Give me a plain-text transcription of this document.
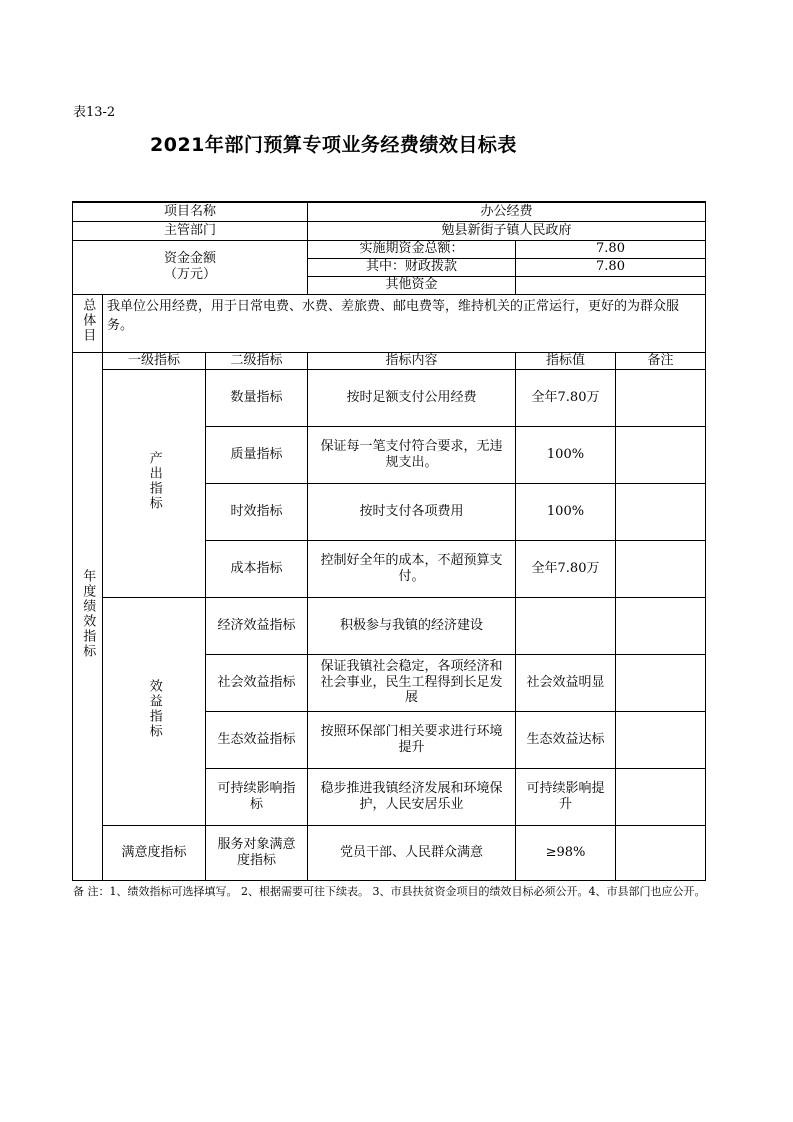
表13-2
2021年部门预算专项业务经费绩效目标表
项目名称			办公经费		
主管部门			勉县新街子镇人民政府		

资金金额
（万元）			实施期资金总额：	7.80	
			其中：财政拨款	7.80	
			其他资金		
总体目	我单位公用经费，用于日常电费、水费、差旅费、邮电费等，维持机关的正常运行，更好的为群众服务。				
年度绩效指标	一级指标	二级指标	指标内容	指标值	备注
	产出指标	数量指标	按时足额支付公用经费	全年7.80万	
		质量指标	保证每一笔支付符合要求，无违规支出。	100%	
		时效指标	按时支付各项费用	100%	
		成本指标	控制好全年的成本，不超预算支付。	全年7.80万	
	效益指标	经济效益指标	积极参与我镇的经济建设		
		社会效益指标	保证我镇社会稳定，各项经济和社会事业，民生工程得到长足发展	社会效益明显	
		生态效益指标	按照环保部门相关要求进行环境提升	生态效益达标	
		可持续影响指标	稳步推进我镇经济发展和环境保护，人民安居乐业	可持续影响提升	
	满意度指标	服务对象满意度指标	党员干部、人民群众满意	≥98%	
备 注：1、绩效指标可选择填写。 2、根据需要可往下续表。 3、市县扶贫资金项目的绩效目标必须公开。4、市县部门也应公开。
